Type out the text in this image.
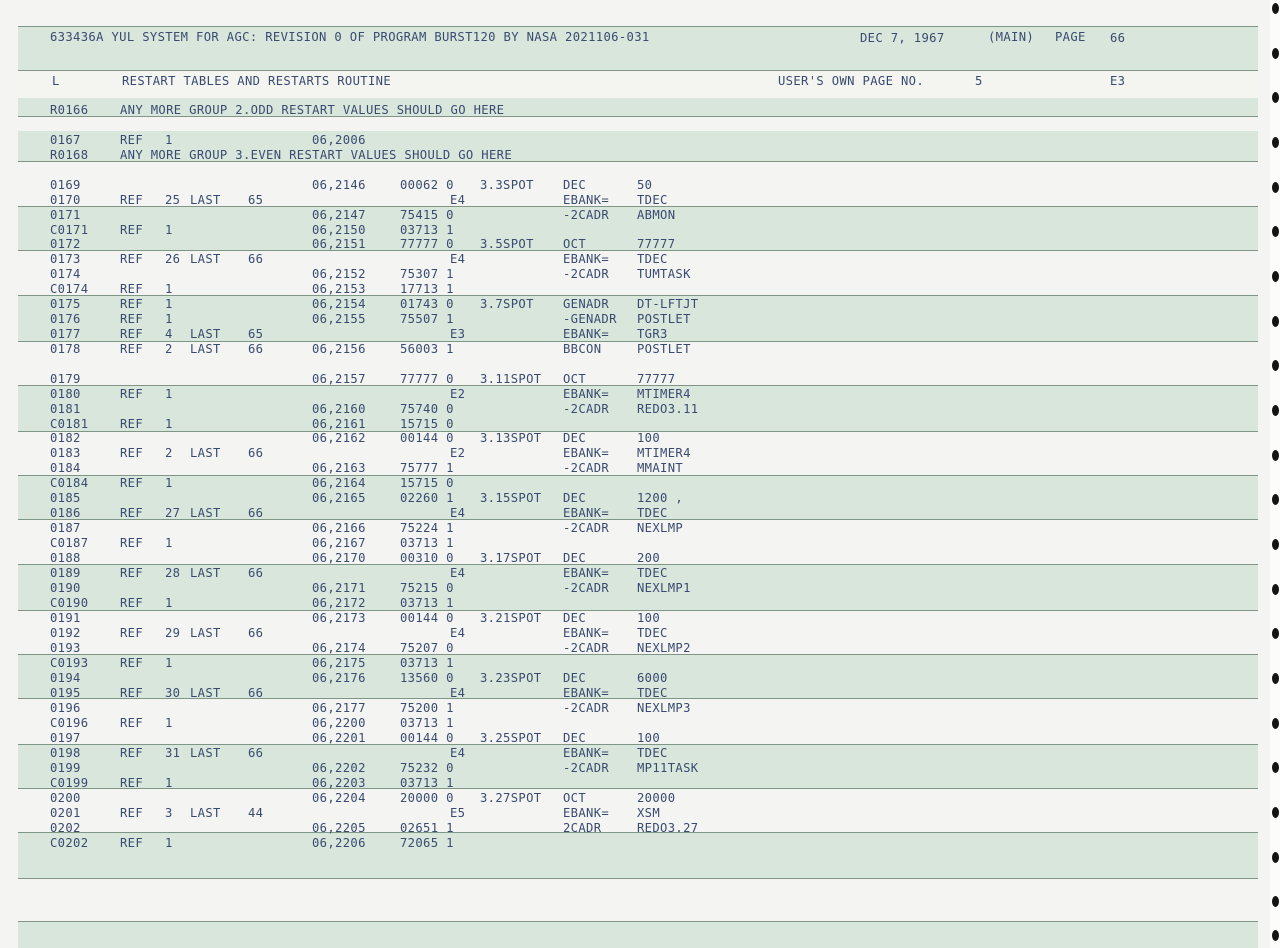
633436A YUL SYSTEM FOR AGC: REVISION 0 OF PROGRAM BURST120 BY NASA 2021106-031	DEC 7, 1967	(MAIN) PAGE 66
L	RESTART TABLES AND RESTARTS ROUTINE	USER'S OWN PAGE NO.	5	E3
R0166	ANY MORE GROUP 2.ODD RESTART VALUES SHOULD GO HERE
0167	REF 1	06,2006
R0168	ANY MORE GROUP 3.EVEN RESTART VALUES SHOULD GO HERE
0169	06,2146	00062 0 3.3SPOT DEC	50
0170	REF 25 LAST 65	E4	EBANK= TDEC
0171	06,2147	75415 0	-2CADR ABMON
C0171	REF 1	06,2150	03713 1
0172	06,2151	77777 0 3.5SPOT OCT	77777
0173	REF 26 LAST 66	E4	EBANK= TDEC
0174	06,2152	75307 1	-2CADR TUMTASK
C0174	REF 1	06,2153	17713 1
0175	REF 1	06,2154	01743 0 3.7SPOT GENADR DT-LFTJT
0176	REF 1	06,2155	75507 1	-GENADR POSTLET
0177	REF 4 LAST 65	E3	EBANK= TGR3
0178	REF 2 LAST 66	06,2156	56003 1	BBCON	POSTLET
0179	06,2157	77777 0 3.11SPOT OCT	77777
0180	REF 1	E2	EBANK= MTIMER4
0181	06,2160	75740 0	-2CADR REDO3.11
C0181	REF 1	06,2161	15715 0
0182	06,2162	00144 0 3.13SPOT DEC	100
0183	REF 2 LAST 66	E2	EBANK= MTIMER4
0184	06,2163	75777 1	-2CADR MMAINT
C0184	REF 1	06,2164	15715 0
0185	06,2165	02260 1 3.15SPOT DEC	1200 ,
0186	REF 27 LAST 66	E4	EBANK= TDEC
0187	06,2166	75224 1	-2CADR NEXLMP
C0187	REF 1	06,2167	03713 1
0188	06,2170	00310 0 3.17SPOT DEC	200
0189	REF 28 LAST 66	E4	EBANK= TDEC
0190	06,2171	75215 0	-2CADR NEXLMP1
C0190	REF 1	06,2172	03713 1
0191	06,2173	00144 0 3.21SPOT DEC	100
0192	REF 29 LAST 66	E4	EBANK= TDEC
0193	06,2174	75207 0	-2CADR NEXLMP2
C0193	REF 1	06,2175	03713 1
0194	06,2176	13560 0 3.23SPOT DEC	6000
0195	REF 30 LAST 66	E4	EBANK= TDEC
0196	06,2177	75200 1	-2CADR NEXLMP3
C0196	REF 1	06,2200	03713 1
0197	06,2201	00144 0 3.25SPOT DEC	100
0198	REF 31 LAST 66	E4	EBANK= TDEC
0199	06,2202	75232 0	-2CADR MP11TASK
C0199	REF 1	06,2203	03713 1
0200	06,2204	20000 0 3.27SPOT OCT	20000
0201	REF 3 LAST 44	E5	EBANK= XSM
0202	06,2205	02651 1	2CADR	REDO3.27
C0202	REF 1	06,2206	72065 1
